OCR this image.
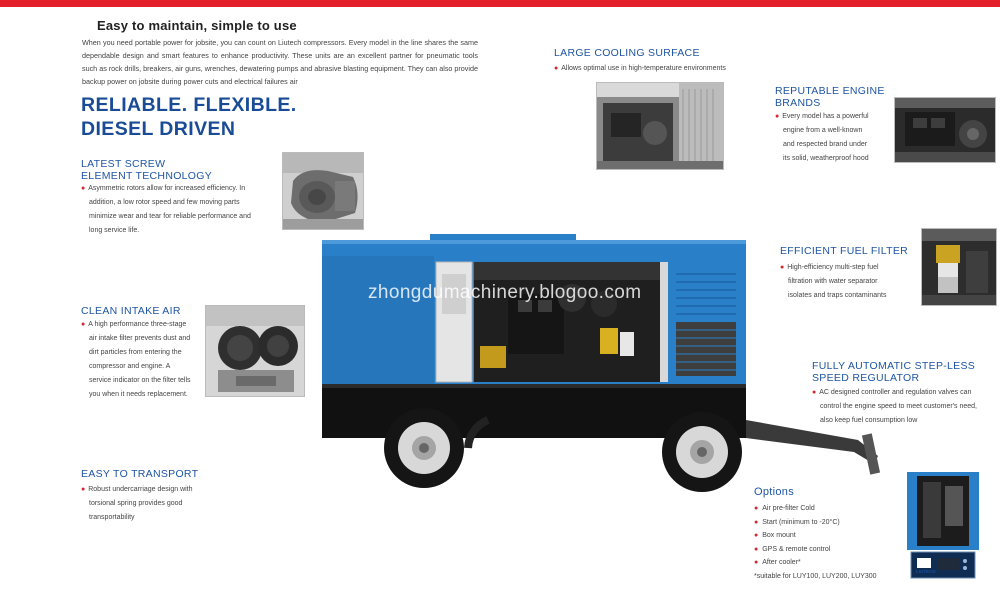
Easy to maintain, simple to use
When you need portable power for jobsite, you can count on Liutech compressors. Every model in the line shares the same dependable design and smart features to enhance productivity. These units are an excellent partner for pneumatic tools such as rock drills, breakers, air guns, wrenches, dewatering pumps and abrasive blasting equipment. They can also provide backup power on jobsite during power cuts and electrical failures air
RELIABLE. FLEXIBLE.
DIESEL DRIVEN
LATEST SCREW
ELEMENT TECHNOLOGY
● Asymmetric rotors allow for increased efficiency. In
addition, a low rotor speed and few moving parts
minimize wear and tear for reliable performance and
long service life.
CLEAN INTAKE AIR
● A high performance three-stage
air intake filter prevents dust and
dirt particles from entering the
compressor and engine. A
service indicator on the filter tells
you when it needs replacement.
EASY TO TRANSPORT
● Robust undercarriage design with
torsional spring provides good
transportability
LARGE COOLING SURFACE
● Allows optimal use in high-temperature environments
REPUTABLE ENGINE
BRANDS
● Every model has a powerful
engine from a well-known
and respected brand under
its solid, weatherproof hood
EFFICIENT FUEL FILTER
● High-efficiency multi-step fuel
filtration with water separator
isolates and traps contaminants
FULLY AUTOMATIC STEP-LESS
SPEED REGULATOR
● AC designed controller and regulation valves can
control the engine speed to meet customer's need,
also keep fuel consumption low
Options
● Air pre-filter Cold
● Start (minimum to -20°C)
● Box mount
● GPS & remote control
● After cooler*
*suitable for LUY100, LUY200, LUY300
LIUTECH
zhongdumachinery.blogoo.com
